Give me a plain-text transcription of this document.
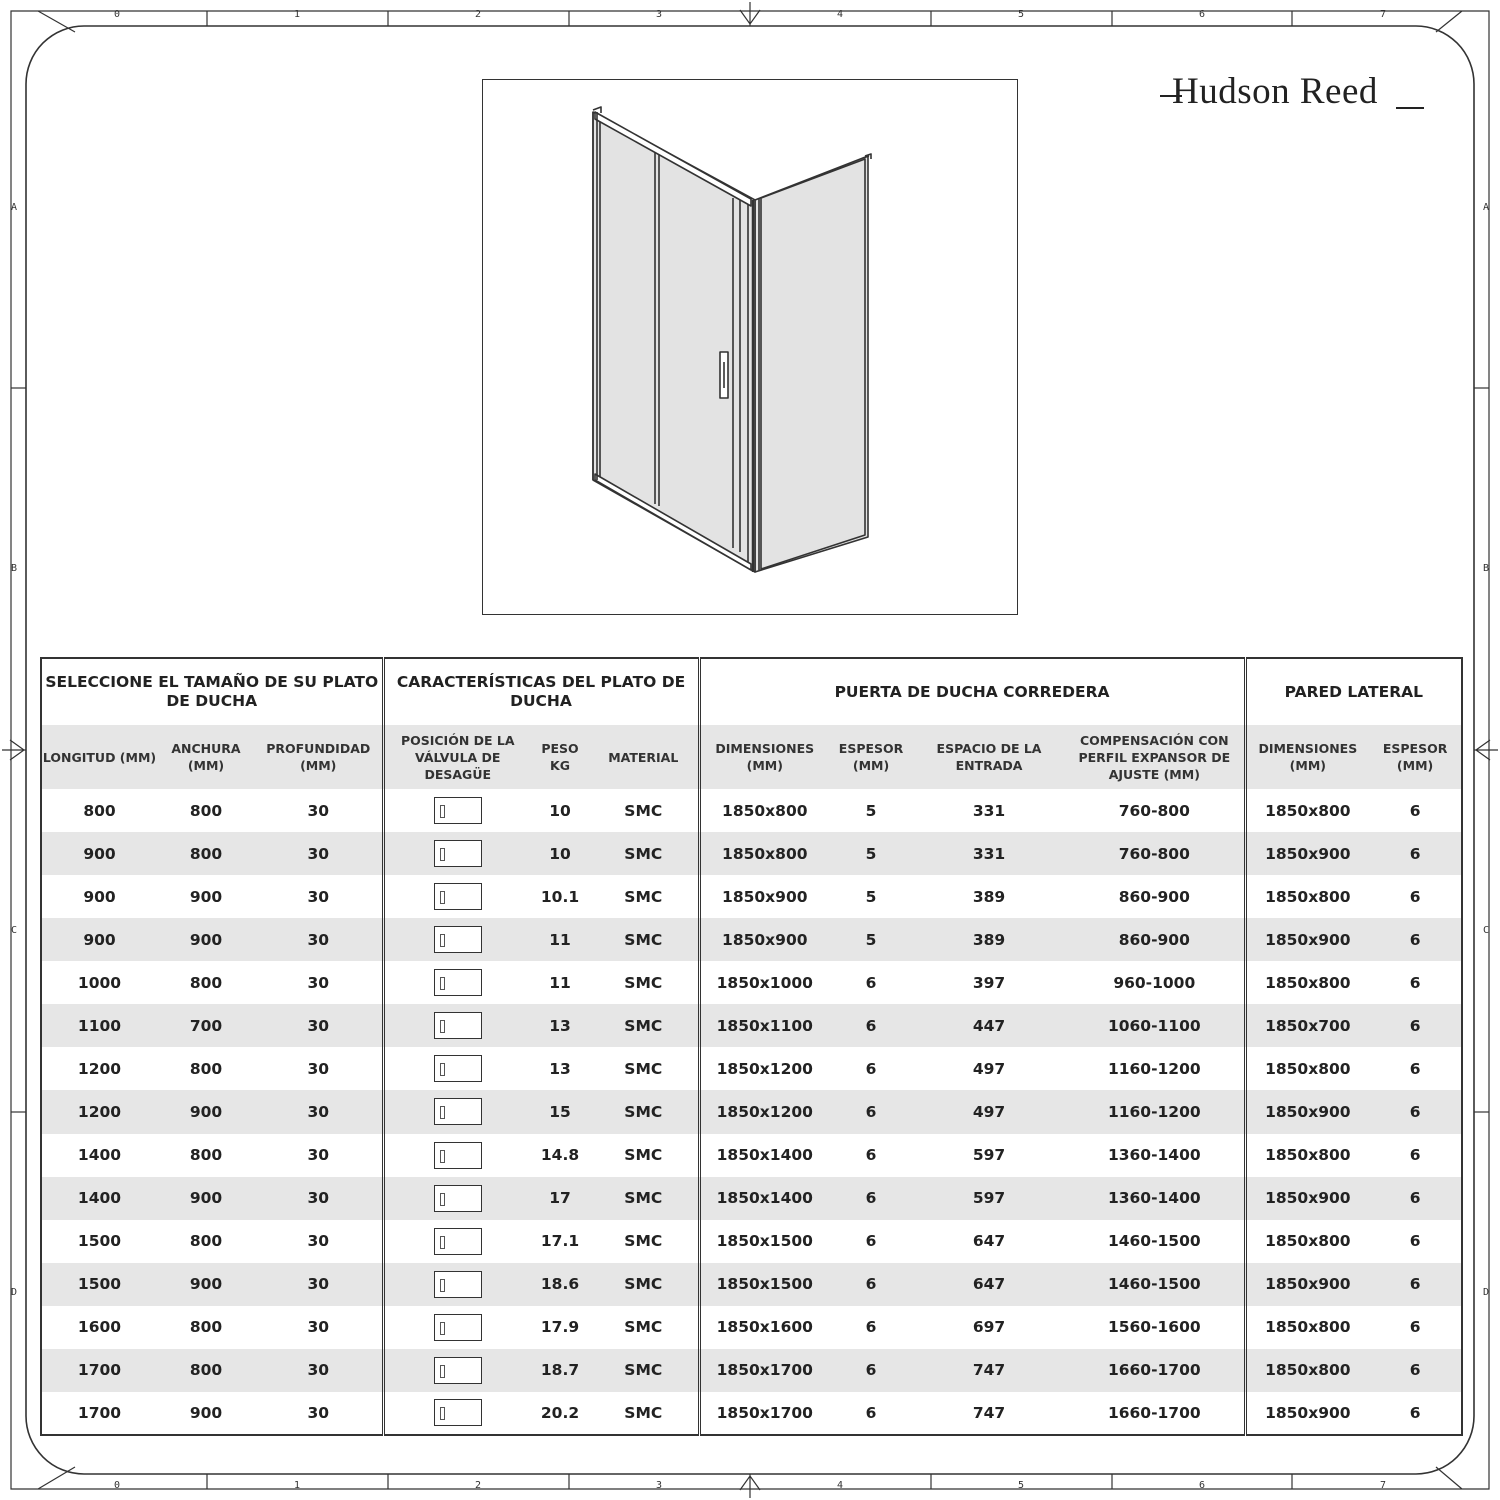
0	1	2	3	4	5	6	7
0	1	2	3	4	5	6	7
A
B
C
D
A
B
C
D
Hudson Reed
SELECCIONE EL TAMAÑO DE SU PLATO DE DUCHA			CARACTERÍSTICAS DEL PLATO DE DUCHA			PUERTA DE DUCHA CORREDERA				PARED LATERAL	
LONGITUD (MM)	ANCHURA (MM)	PROFUNDIDAD (MM)	POSICIÓN DE LA VÁLVULA DE DESAGÜE	PESO KG	MATERIAL	DIMENSIONES (MM)	ESPESOR (MM)	ESPACIO DE LA ENTRADA	COMPENSACIÓN CON PERFIL EXPANSOR DE AJUSTE (MM)	DIMENSIONES (MM)	ESPESOR (MM)
800	800	30		10	SMC	1850x800	5	331	760-800	1850x800	6
900	800	30		10	SMC	1850x800	5	331	760-800	1850x900	6
900	900	30		10.1	SMC	1850x900	5	389	860-900	1850x800	6
900	900	30		11	SMC	1850x900	5	389	860-900	1850x900	6
1000	800	30		11	SMC	1850x1000	6	397	960-1000	1850x800	6
1100	700	30		13	SMC	1850x1100	6	447	1060-1100	1850x700	6
1200	800	30		13	SMC	1850x1200	6	497	1160-1200	1850x800	6
1200	900	30		15	SMC	1850x1200	6	497	1160-1200	1850x900	6
1400	800	30		14.8	SMC	1850x1400	6	597	1360-1400	1850x800	6
1400	900	30		17	SMC	1850x1400	6	597	1360-1400	1850x900	6
1500	800	30		17.1	SMC	1850x1500	6	647	1460-1500	1850x800	6
1500	900	30		18.6	SMC	1850x1500	6	647	1460-1500	1850x900	6
1600	800	30		17.9	SMC	1850x1600	6	697	1560-1600	1850x800	6
1700	800	30		18.7	SMC	1850x1700	6	747	1660-1700	1850x800	6
1700	900	30		20.2	SMC	1850x1700	6	747	1660-1700	1850x900	6
